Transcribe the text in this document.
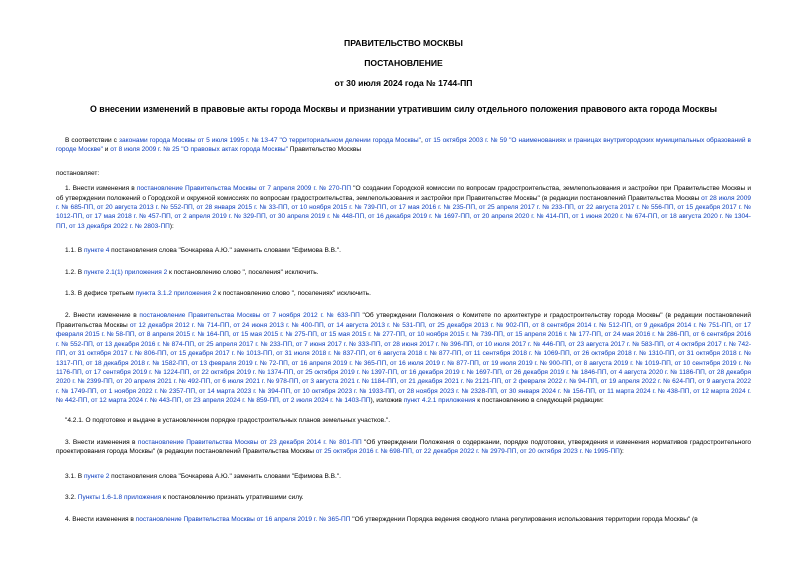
ПРАВИТЕЛЬСТВО МОСКВЫ
ПОСТАНОВЛЕНИЕ
от 30 июля 2024 года № 1744-ПП
О внесении изменений в правовые акты города Москвы и признании утратившим силу отдельного положения правового акта города Москвы

В соответствии с законами города Москвы от 5 июля 1995 г. № 13-47 "О территориальном делении города Москвы", от 15 октября 2003 г. № 59 "О наименованиях и границах внутригородских муниципальных образований в городе Москве" и от 8 июля 2009 г. № 25 "О правовых актах города Москвы" Правительство Москвы

постановляет:

1. Внести изменения в постановление Правительства Москвы от 7 апреля 2009 г. № 270-ПП "О создании Городской комиссии по вопросам градостроительства, землепользования и застройки при Правительстве Москвы и об утверждении положений о Городской и окружной комиссиях по вопросам градостроительства, землепользования и застройки при Правительстве Москвы" (в редакции постановлений Правительства Москвы от 28 июля 2009 г. № 685-ПП, от 20 августа 2013 г. № 552-ПП, от 28 января 2015 г. № 33-ПП, от 10 ноября 2015 г. № 739-ПП, от 17 мая 2016 г. № 235-ПП, от 25 апреля 2017 г. № 233-ПП, от 22 августа 2017 г. № 556-ПП, от 15 декабря 2017 г. № 1012-ПП, от 17 мая 2018 г. № 457-ПП, от 2 апреля 2019 г. № 329-ПП, от 30 апреля 2019 г. № 448-ПП, от 16 декабря 2019 г. № 1697-ПП, от 20 апреля 2020 г. № 414-ПП, от 1 июня 2020 г. № 674-ПП, от 18 августа 2020 г. № 1304-ПП, от 13 декабря 2022 г. № 2803-ПП):

1.1. В пункте 4 постановления слова "Бочкарева А.Ю." заменить словами "Ефимова В.В.".

1.2. В пункте 2.1(1) приложения 2 к постановлению слово ", поселения" исключить.

1.3. В дефисе третьем пункта 3.1.2 приложения 2 к постановлению слово ", поселениях" исключить.

2. Внести изменение в постановление Правительства Москвы от 7 ноября 2012 г. № 633-ПП "Об утверждении Положения о Комитете по архитектуре и градостроительству города Москвы" (в редакции постановлений Правительства Москвы от 12 декабря 2012 г. № 714-ПП, от 24 июня 2013 г. № 400-ПП, от 14 августа 2013 г. № 531-ПП, от 25 декабря 2013 г. № 902-ПП, от 8 сентября 2014 г. № 512-ПП, от 9 декабря 2014 г. № 751-ПП, от 17 февраля 2015 г. № 58-ПП, от 8 апреля 2015 г. № 164-ПП, от 15 мая 2015 г. № 275-ПП, от 15 мая 2015 г. № 277-ПП, от 10 ноября 2015 г. № 739-ПП, от 15 апреля 2016 г. № 177-ПП, от 24 мая 2016 г. № 286-ПП, от 6 сентября 2016 г. № 552-ПП, от 13 декабря 2016 г. № 874-ПП, от 25 апреля 2017 г. № 233-ПП, от 7 июня 2017 г. № 333-ПП, от 28 июня 2017 г. № 396-ПП, от 10 июля 2017 г. № 446-ПП, от 23 августа 2017 г. № 583-ПП, от 4 октября 2017 г. № 742-ПП, от 31 октября 2017 г. № 806-ПП, от 15 декабря 2017 г. № 1013-ПП, от 31 июля 2018 г. № 837-ПП, от 6 августа 2018 г. № 877-ПП, от 11 сентября 2018 г. № 1069-ПП, от 26 октября 2018 г. № 1310-ПП, от 31 октября 2018 г. № 1317-ПП, от 18 декабря 2018 г. № 1582-ПП, от 13 февраля 2019 г. № 72-ПП, от 16 апреля 2019 г. № 365-ПП, от 16 июля 2019 г. № 877-ПП, от 19 июля 2019 г. № 900-ПП, от 8 августа 2019 г. № 1019-ПП, от 10 сентября 2019 г. № 1176-ПП, от 17 сентября 2019 г. № 1224-ПП, от 22 октября 2019 г. № 1374-ПП, от 25 октября 2019 г. № 1397-ПП, от 16 декабря 2019 г. № 1697-ПП, от 26 декабря 2019 г. № 1846-ПП, от 4 августа 2020 г. № 1186-ПП, от 28 декабря 2020 г. № 2399-ПП, от 20 апреля 2021 г. № 492-ПП, от 6 июля 2021 г. № 978-ПП, от 3 августа 2021 г. № 1184-ПП, от 21 декабря 2021 г. № 2121-ПП, от 2 февраля 2022 г. № 94-ПП, от 19 апреля 2022 г. № 624-ПП, от 9 августа 2022 г. № 1749-ПП, от 1 ноября 2022 г. № 2357-ПП, от 14 марта 2023 г. № 394-ПП, от 10 октября 2023 г. № 1933-ПП, от 28 ноября 2023 г. № 2328-ПП, от 30 января 2024 г. № 156-ПП, от 11 марта 2024 г. № 438-ПП, от 12 марта 2024 г. № 442-ПП, от 12 марта 2024 г. № 443-ПП, от 23 апреля 2024 г. № 859-ПП, от 2 июля 2024 г. № 1403-ПП), изложив пункт 4.2.1 приложения к постановлению в следующей редакции:

"4.2.1. О подготовке и выдаче в установленном порядке градостроительных планов земельных участков.".

3. Внести изменения в постановление Правительства Москвы от 23 декабря 2014 г. № 801-ПП "Об утверждении Положения о содержании, порядке подготовки, утверждения и изменения нормативов градостроительного проектирования города Москвы" (в редакции постановлений Правительства Москвы от 25 октября 2016 г. № 698-ПП, от 22 декабря 2022 г. № 2979-ПП, от 20 октября 2023 г. № 1995-ПП):

3.1. В пункте 2 постановления слова "Бочкарева А.Ю." заменить словами "Ефимова В.В.".

3.2. Пункты 1.6-1.8 приложения к постановлению признать утратившими силу.

4. Внести изменения в постановление Правительства Москвы от 16 апреля 2019 г. № 365-ПП "Об утверждении Порядка ведения сводного плана регулирования использования территории города Москвы" (в
